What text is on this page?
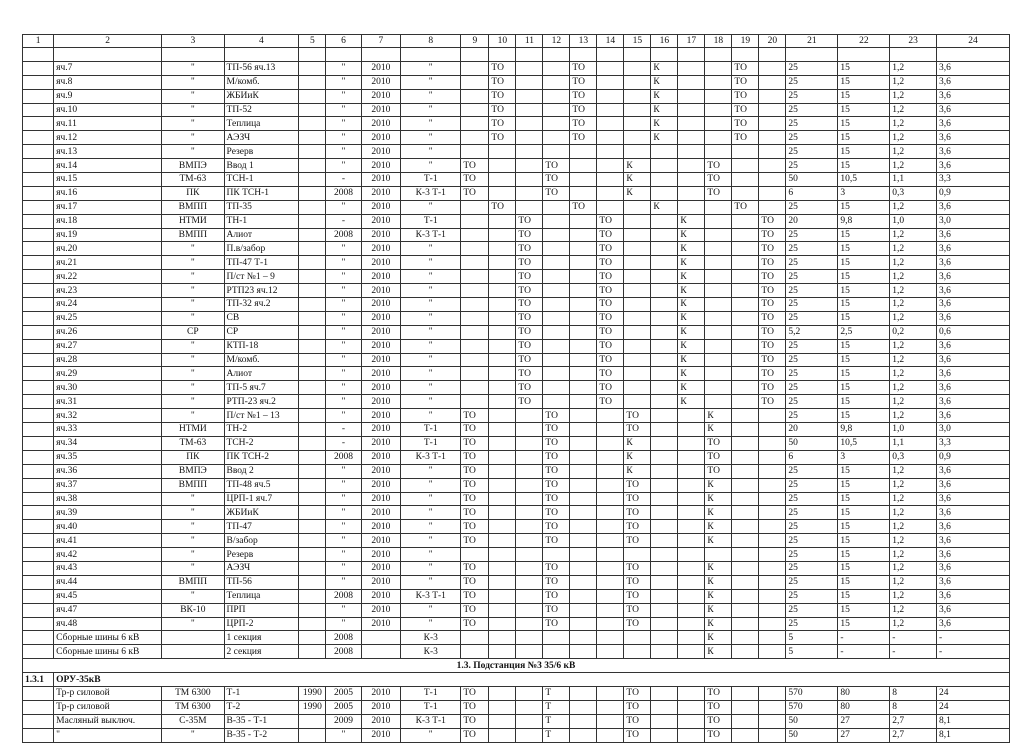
1	2	3	4	5	6	7	8	9	10	11	12	13	14	15	16	17	18	19	20	21	22	23	24

	яч.7	"	ТП-56 яч.13		"	2010	"		ТО			ТО			К			ТО		25	15	1,2	3,6
	яч.8	"	М/комб.		"	2010	"		ТО			ТО			К			ТО		25	15	1,2	3,6
	яч.9	"	ЖБИиК		"	2010	"		ТО			ТО			К			ТО		25	15	1,2	3,6
	яч.10	"	ТП-52		"	2010	"		ТО			ТО			К			ТО		25	15	1,2	3,6
	яч.11	"	Теплица		"	2010	"		ТО			ТО			К			ТО		25	15	1,2	3,6
	яч.12	"	АЭЗЧ		"	2010	"		ТО			ТО			К			ТО		25	15	1,2	3,6
	яч.13	"	Резерв		"	2010	"													25	15	1,2	3,6
	яч.14	ВМПЭ	Ввод 1		"	2010	"	ТО			ТО			К			ТО			25	15	1,2	3,6
	яч.15	ТМ-63	ТСН-1		-	2010	Т-1	ТО			ТО			К			ТО			50	10,5	1,1	3,3
	яч.16	ПК	ПК ТСН-1		2008	2010	К-3 Т-1	ТО			ТО			К			ТО			6	3	0,3	0,9
	яч.17	ВМПП	ТП-35		"	2010	"		ТО			ТО			К			ТО		25	15	1,2	3,6
	яч.18	НТМИ	ТН-1		-	2010	Т-1			ТО			ТО			К			ТО	20	9,8	1,0	3,0
	яч.19	ВМПП	Алиот		2008	2010	К-3 Т-1			ТО			ТО			К			ТО	25	15	1,2	3,6
	яч.20	"	П.в/забор		"	2010	"			ТО			ТО			К			ТО	25	15	1,2	3,6
	яч.21	"	ТП-47 Т-1		"	2010	"			ТО			ТО			К			ТО	25	15	1,2	3,6
	яч.22	"	П/ст №1 – 9		"	2010	"			ТО			ТО			К			ТО	25	15	1,2	3,6
	яч.23	"	РТП23 яч.12		"	2010	"			ТО			ТО			К			ТО	25	15	1,2	3,6
	яч.24	"	ТП-32 яч.2		"	2010	"			ТО			ТО			К			ТО	25	15	1,2	3,6
	яч.25	"	СВ		"	2010	"			ТО			ТО			К			ТО	25	15	1,2	3,6
	яч.26	СР	СР		"	2010	"			ТО			ТО			К			ТО	5,2	2,5	0,2	0,6
	яч.27	"	КТП-18		"	2010	"			ТО			ТО			К			ТО	25	15	1,2	3,6
	яч.28	"	М/комб.		"	2010	"			ТО			ТО			К			ТО	25	15	1,2	3,6
	яч.29	"	Алиот		"	2010	"			ТО			ТО			К			ТО	25	15	1,2	3,6
	яч.30	"	ТП-5 яч.7		"	2010	"			ТО			ТО			К			ТО	25	15	1,2	3,6
	яч.31	"	РТП-23 яч.2		"	2010	"			ТО			ТО			К			ТО	25	15	1,2	3,6
	яч.32	"	П/ст №1 – 13		"	2010	"	ТО			ТО			ТО			К			25	15	1,2	3,6
	яч.33	НТМИ	ТН-2		-	2010	Т-1	ТО			ТО			ТО			К			20	9,8	1,0	3,0
	яч.34	ТМ-63	ТСН-2		-	2010	Т-1	ТО			ТО			К			ТО			50	10,5	1,1	3,3
	яч.35	ПК	ПК ТСН-2		2008	2010	К-3 Т-1	ТО			ТО			К			ТО			6	3	0,3	0,9
	яч.36	ВМПЭ	Ввод 2		"	2010	"	ТО			ТО			К			ТО			25	15	1,2	3,6
	яч.37	ВМПП	ТП-48 яч.5		"	2010	"	ТО			ТО			ТО			К			25	15	1,2	3,6
	яч.38	"	ЦРП-1 яч.7		"	2010	"	ТО			ТО			ТО			К			25	15	1,2	3,6
	яч.39	"	ЖБИиК		"	2010	"	ТО			ТО			ТО			К			25	15	1,2	3,6
	яч.40	"	ТП-47		"	2010	"	ТО			ТО			ТО			К			25	15	1,2	3,6
	яч.41	"	В/забор		"	2010	"	ТО			ТО			ТО			К			25	15	1,2	3,6
	яч.42	"	Резерв		"	2010	"													25	15	1,2	3,6
	яч.43	"	АЭЗЧ		"	2010	"	ТО			ТО			ТО			К			25	15	1,2	3,6
	яч.44	ВМПП	ТП-56		"	2010	"	ТО			ТО			ТО			К			25	15	1,2	3,6
	яч.45	"	Теплица		2008	2010	К-3 Т-1	ТО			ТО			ТО			К			25	15	1,2	3,6
	яч.47	ВК-10	ПРП		"	2010	"	ТО			ТО			ТО			К			25	15	1,2	3,6
	яч.48	"	ЦРП-2		"	2010	"	ТО			ТО			ТО			К			25	15	1,2	3,6
	Сборные шины 6 кВ		1 секция		2008		К-3										К			5	-	-	-
	Сборные шины 6 кВ		2 секция		2008		К-3										К			5	-	-	-
1.3. Подстанция №3 35/6 кВ																							
1.3.1	ОРУ-35кВ																						
	Тр-р силовой	ТМ 6300	Т-1	1990	2005	2010	Т-1	ТО			Т			ТО			ТО			570	80	8	24
	Тр-р силовой	ТМ 6300	Т-2	1990	2005	2010	Т-1	ТО			Т			ТО			ТО			570	80	8	24
	Масляный выключ.	С-35М	В-35 - Т-1		2009	2010	К-3 Т-1	ТО			Т			ТО			ТО			50	27	2,7	8,1
	"	"	В-35 - Т-2		"	2010	"	ТО			Т			ТО			ТО			50	27	2,7	8,1
